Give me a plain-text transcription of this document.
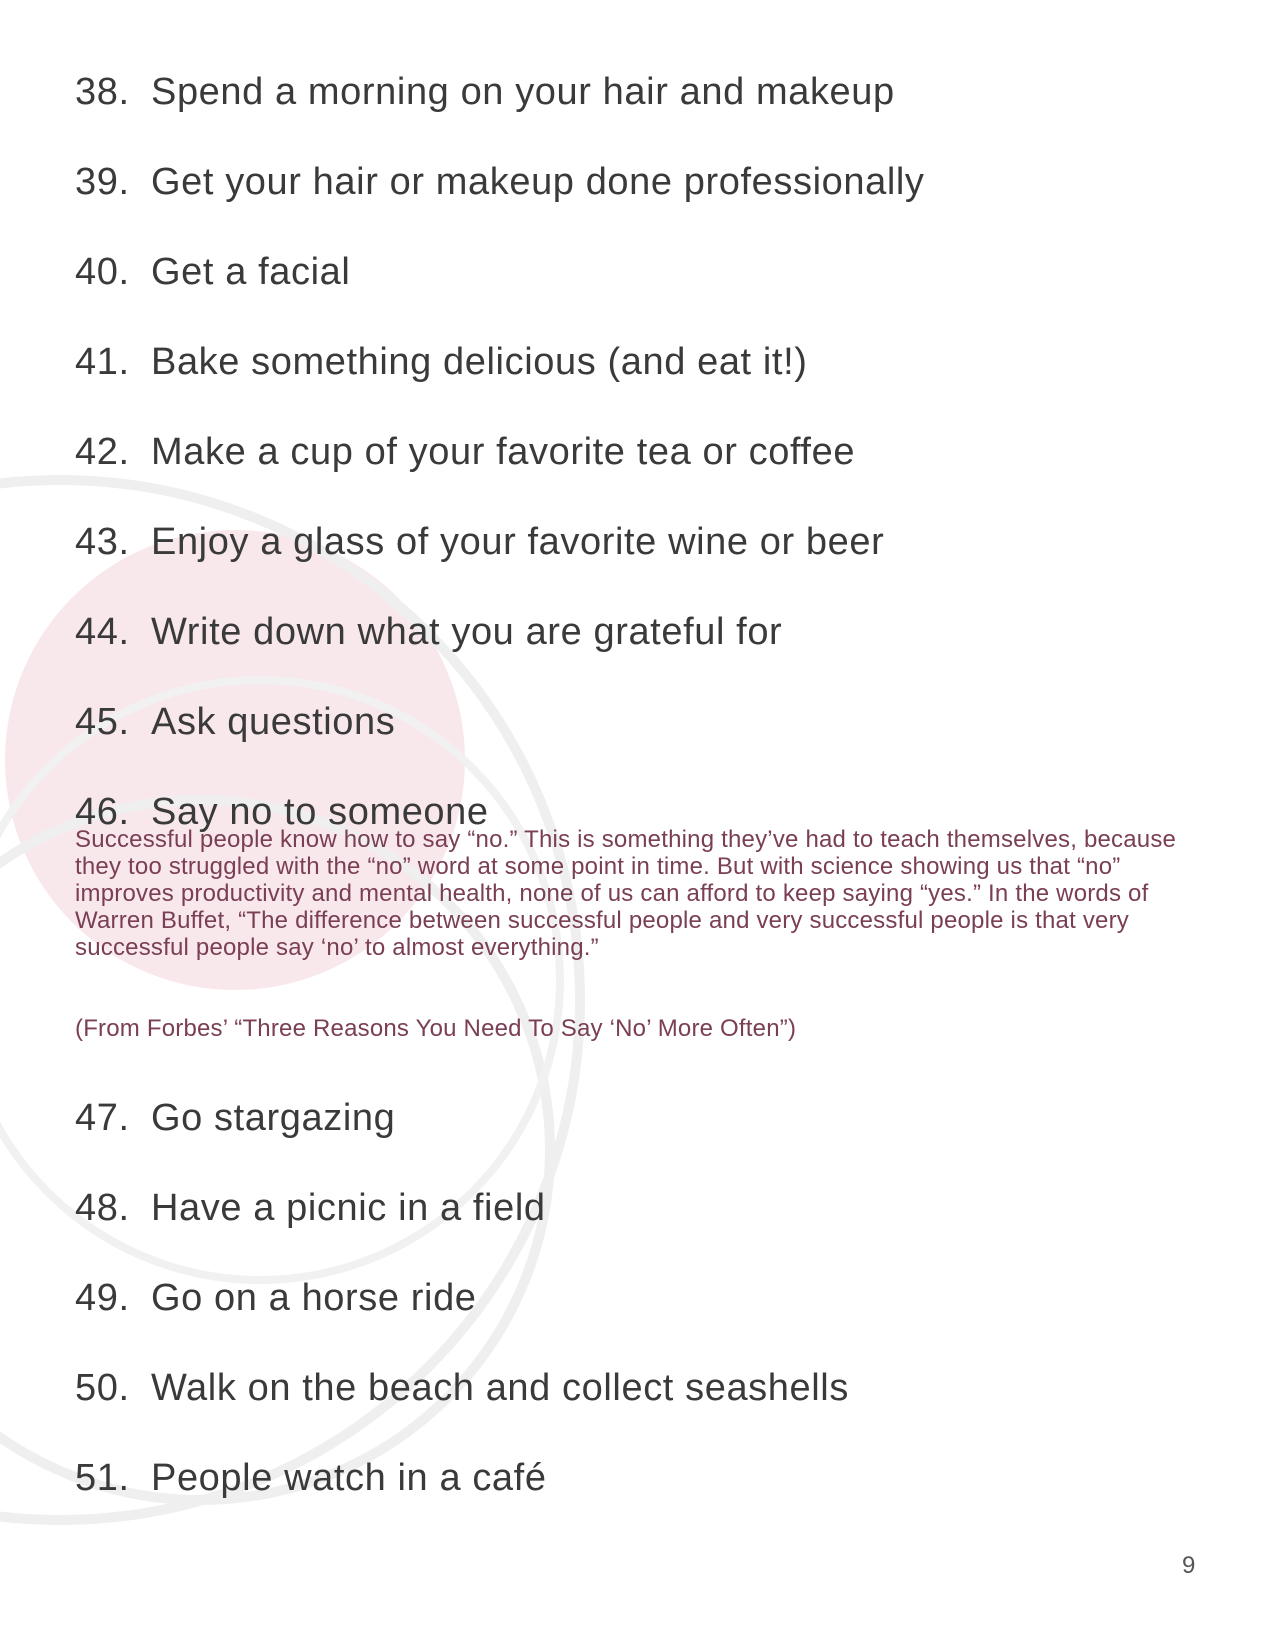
38. Spend a morning on your hair and makeup
39. Get your hair or makeup done professionally
40. Get a facial
41. Bake something delicious (and eat it!)
42. Make a cup of your favorite tea or coffee
43. Enjoy a glass of your favorite wine or beer
44. Write down what you are grateful for
45. Ask questions
46. Say no to someone
Successful people know how to say “no.” This is something they’ve had to teach themselves, because they too struggled with the “no” word at some point in time. But with science showing us that “no” improves productivity and mental health, none of us can afford to keep saying “yes.” In the words of Warren Buffet, “The difference between successful people and very successful people is that very successful people say ‘no’ to almost everything.”
(From Forbes’ “Three Reasons You Need To Say ‘No’ More Often”)
47. Go stargazing
48. Have a picnic in a field
49. Go on a horse ride
50. Walk on the beach and collect seashells
51. People watch in a café
9
